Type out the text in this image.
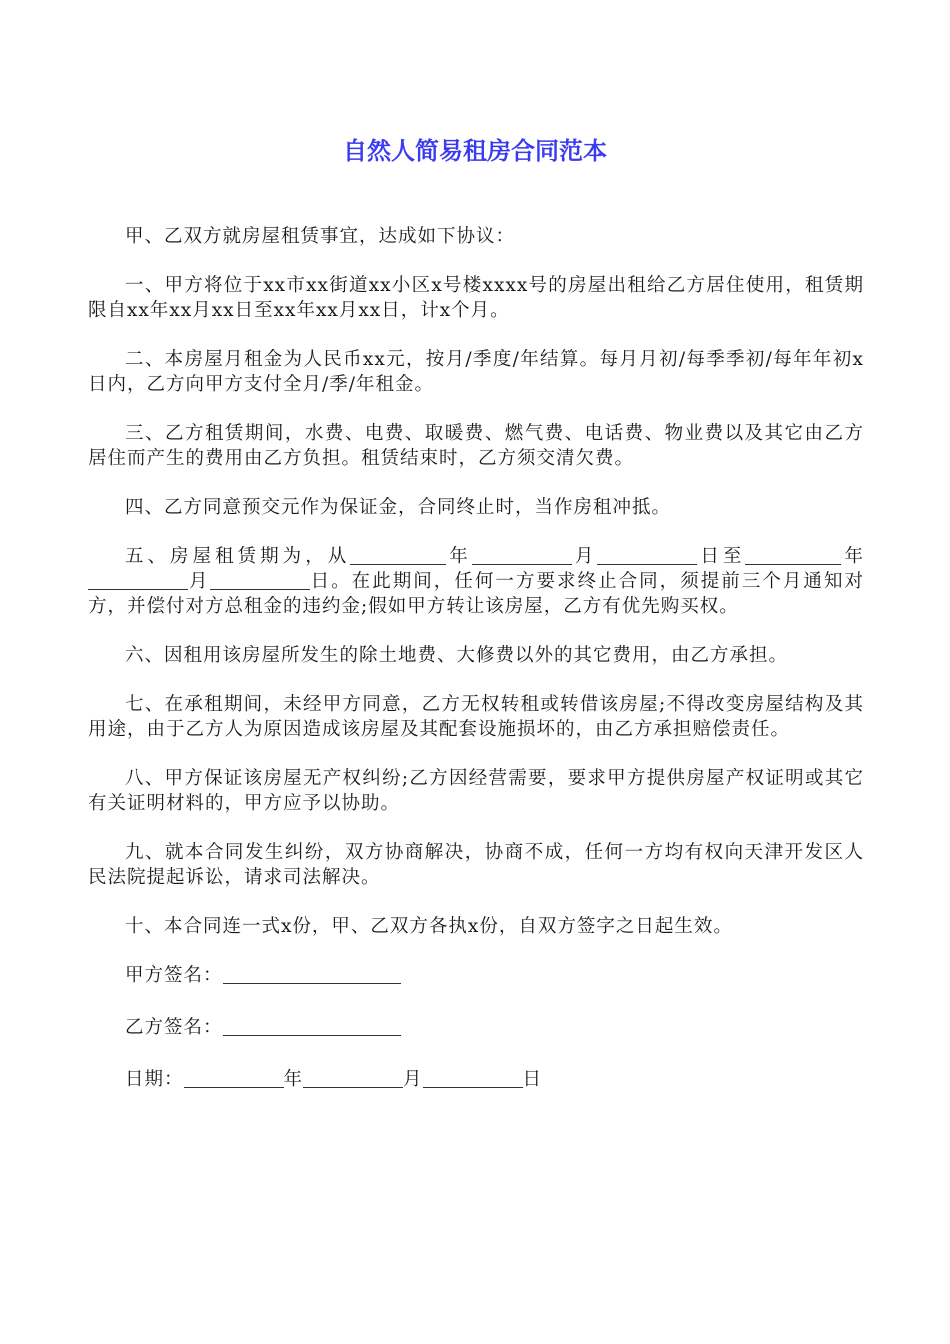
自然人简易租房合同范本

甲、乙双方就房屋租赁事宜，达成如下协议：

一、甲方将位于xx市xx街道xx小区x号楼xxxx号的房屋出租给乙方居住使用，租赁期限自xx年xx月xx日至xx年xx月xx日，计x个月。

二、本房屋月租金为人民币xx元，按月/季度/年结算。每月月初/每季季初/每年年初x日内，乙方向甲方支付全月/季/年租金。

三、乙方租赁期间，水费、电费、取暖费、燃气费、电话费、物业费以及其它由乙方居住而产生的费用由乙方负担。租赁结束时，乙方须交清欠费。

四、乙方同意预交元作为保证金，合同终止时，当作房租冲抵。

五、房屋租赁期为，从	年	月	日至	年月	日。在此期间，任何一方要求终止合同，须提前三个月通知对方，并偿付对方总租金的违约金;假如甲方转让该房屋，乙方有优先购买权。

六、因租用该房屋所发生的除土地费、大修费以外的其它费用，由乙方承担。

七、在承租期间，未经甲方同意，乙方无权转租或转借该房屋;不得改变房屋结构及其用途，由于乙方人为原因造成该房屋及其配套设施损坏的，由乙方承担赔偿责任。

八、甲方保证该房屋无产权纠纷;乙方因经营需要，要求甲方提供房屋产权证明或其它有关证明材料的，甲方应予以协助。

九、就本合同发生纠纷，双方协商解决，协商不成，任何一方均有权向天津开发区人民法院提起诉讼，请求司法解决。

十、本合同连一式x份，甲、乙双方各执x份，自双方签字之日起生效。

甲方签名：

乙方签名：

日期：	年	月	日
